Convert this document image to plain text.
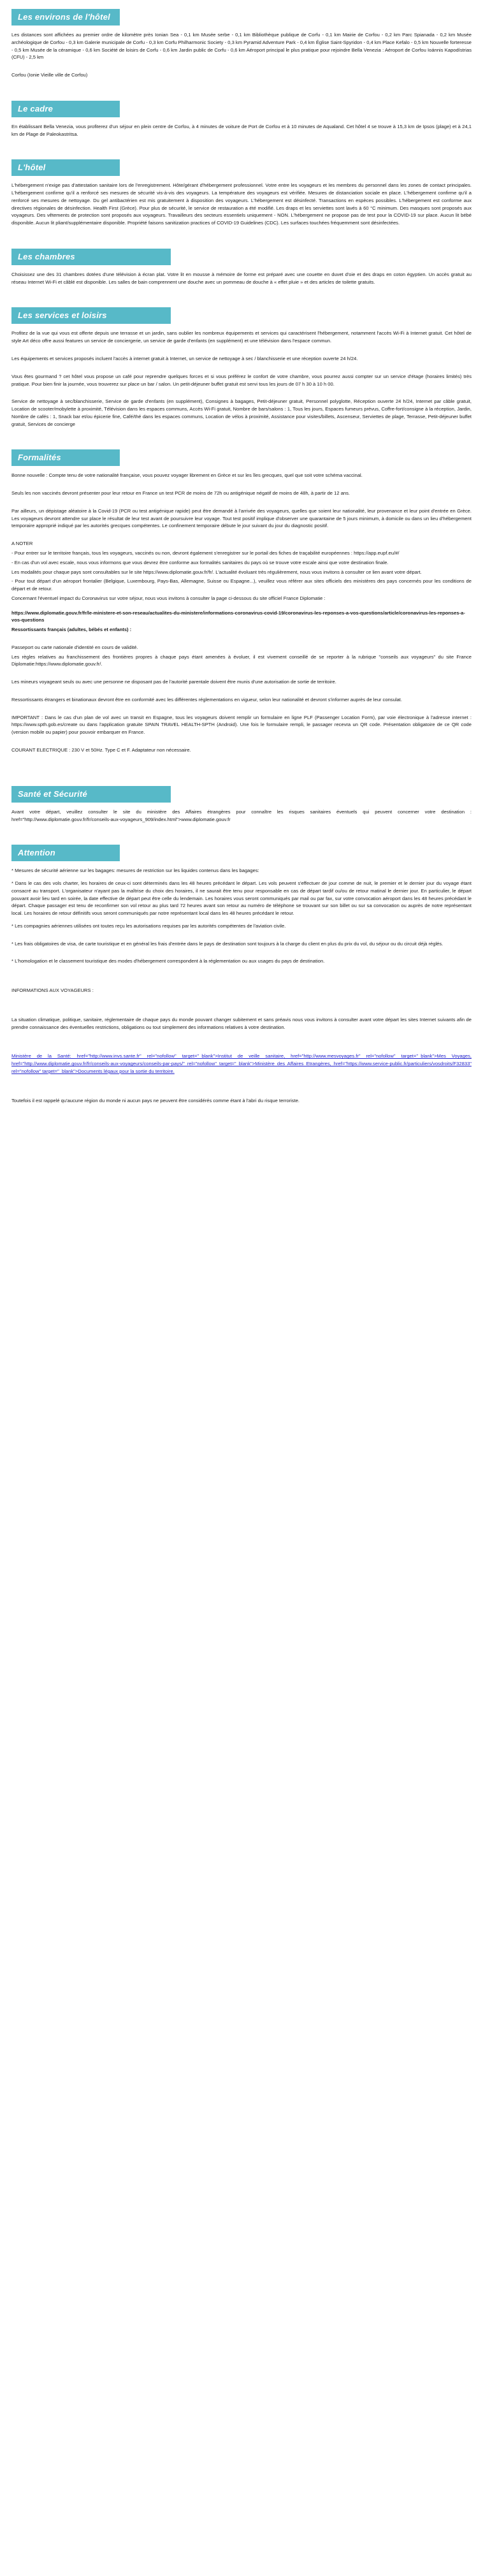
Les environs de l'hôtel

Les distances sont affichées au premier ordre de kilomètre près Ionian Sea - 0,1 km Musée serbe - 0,1 km Bibliothèque publique de Corfu - 0,1 km Mairie de Corfou - 0,2 km Parc Spianada - 0,2 km Musée archéologique de Corfou - 0,3 km Galerie municipale de Corfu - 0,3 km Corfu Philharmonic Society - 0,3 km Pyramid Adventure Park - 0,4 km Église Saint-Spyridon - 0,4 km Place Kefalo - 0,5 km Nouvelle forteresse - 0,5 km Musée de la céramique - 0,6 km Société de loisirs de Corfu - 0,6 km Jardin public de Corfu - 0,6 km Aéroport principal le plus pratique pour rejoindre Bella Venezia : Aéroport de Corfou Ioánnis Kapodístrias (CFU) - 2,5 km

Corfou (Ionie Vieille ville de Corfou)

Le cadre

En établissant Bella Venezia, vous profiterez d'un séjour en plein centre de Corfou, à 4 minutes de voiture de Port de Corfou et à 10 minutes de Aqualand. Cet hôtel 4 se trouve à 15,3 km de Ipsos (plage) et à 24,1 km de Plage de Paleokastritsa.

L'hôtel

L'hébergement n'exige pas d'attestation sanitaire lors de l'enregistrement. Hôte/gérant d'hébergement professionnel. Votre entre les voyageurs et les membres du personnel dans les zones de contact principales. L'hébergement confirme qu'il a renforcé ses mesures de sécurité vis-à-vis des voyageurs. La température des voyageurs est vérifiée. Mesures de distanciation sociale en place. L'hébergement confirme qu'il a renforcé ses mesures de nettoyage. Du gel antibactérien est mis gratuitement à disposition des voyageurs. L'hébergement est désinfecté. Transactions en espèces possibles. L'hébergement est conforme aux directives régionales de désinfection. Health First (Grèce). Pour plus de sécurité, le service de restauration a été modifié. Les draps et les serviettes sont lavés à 60 °C minimum. Des masques sont proposés aux voyageurs. Des vêtements de protection sont proposés aux voyageurs. Travailleurs des secteurs essentiels uniquement - NON. L'hébergement ne propose pas de test pour la COVID-19 sur place. Aucun lit bébé disponible. Aucun lit pliant/supplémentaire disponible. Propriété faisons sanitization practices of COVID-19 Guidelines (CDC). Les surfaces touchées fréquemment sont désinfectées.

Les chambres

Choisissez une des 31 chambres dotées d'une télévision à écran plat. Votre lit en mousse à mémoire de forme est préparé avec une couette en duvet d'oie et des draps en coton égyptien. Un accès gratuit au réseau Internet Wi-Fi et câblé est disponible. Les salles de bain comprennent une douche avec un pommeau de douche à « effet pluie » et des articles de toilette gratuits.

Les services et loisirs

Profitez de la vue qui vous est offerte depuis une terrasse et un jardin, sans oublier les nombreux équipements et services qui caractérisent l'hébergement, notamment l'accès Wi-Fi à Internet gratuit. Cet hôtel de style Art déco offre aussi features un service de conciergerie, un service de garde d'enfants (en supplément) et une télévision dans l'espace commun.

Les équipements et services proposés incluent l'accès à internet gratuit à Internet, un service de nettoyage à sec / blanchisserie et une réception ouverte 24 h/24.

Vous êtes gourmand ? cet hôtel vous propose un café pour reprendre quelques forces et si vous préférez le confort de votre chambre, vous pourrez aussi compter sur un service d'étage (horaires limités) très pratique. Pour bien finir la journée, vous trouverez sur place un bar / salon. Un petit-déjeuner buffet gratuit est servi tous les jours de 07 h 30 à 10 h 00.

Service de nettoyage à sec/blanchisserie, Service de garde d'enfants (en supplément), Consignes à bagages, Petit-déjeuner gratuit, Personnel polyglotte, Réception ouverte 24 h/24, Internet par câble gratuit, Location de scooter/mobylette à proximité, Télévision dans les espaces communs, Accès Wi-Fi gratuit, Nombre de bars/salons : 1, Tous les jours, Espaces fumeurs prévus, Coffre-fort/consigne à la réception, Jardin, Nombre de cafés : 1, Snack bar et/ou épicerie fine, Café/thé dans les espaces communs, Location de vélos à proximité, Assistance pour visites/billets, Ascenseur, Serviettes de plage, Terrasse, Petit-déjeuner buffet gratuit, Services de concierge

Formalités

Bonne nouvelle : Compte tenu de votre nationalité française, vous pouvez voyager librement en Grèce et sur les îles grecques, quel que soit votre schéma vaccinal.

Seuls les non vaccinés devront présenter pour leur retour en France un test PCR de moins de 72h ou antigénique négatif de moins de 48h, à partir de 12 ans.

Par ailleurs, un dépistage aléatoire à la Covid-19 (PCR ou test antigénique rapide) peut être demandé à l'arrivée des voyageurs, quelles que soient leur nationalité, leur provenance et leur point d'entrée en Grèce. Les voyageurs devront attendre sur place le résultat de leur test avant de poursuivre leur voyage. Tout test positif implique d'observer une quarantaine de 5 jours minimum, à domicile ou dans un lieu d'hébergement temporaire approprié indiqué par les autorités grecques compétentes. Le confinement temporaire débute le jour suivant du jour du diagnostic positif.

A NOTER

- Pour entrer sur le territoire français, tous les voyageurs, vaccinés ou non, devront également s'enregistrer sur le portail des fiches de traçabilité européennes : https://app.eupf.eu/#/

- En cas d'un vol avec escale, nous vous informons que vous devrez être conforme aux formalités sanitaires du pays où se trouve votre escale ainsi que votre destination finale.

Les modalités pour chaque pays sont consultables sur le site https://www.diplomatie.gouv.fr/fr/. L'actualité évoluant très régulièrement, nous vous invitons à consulter ce lien avant votre départ.

- Pour tout départ d'un aéroport frontalier (Belgique, Luxembourg, Pays-Bas, Allemagne, Suisse ou Espagne...), veuillez vous référer aux sites officiels des ministères des pays concernés pour les conditions de départ et de retour.

Concernant l'éventuel impact du Coronavirus sur votre séjour, nous vous invitons à consulter la page ci-dessous du site officiel France Diplomatie :

https://www.diplomatie.gouv.fr/fr/le-ministere-et-son-reseau/actualites-du-ministere/informations-coronavirus-covid-19/coronavirus-les-reponses-a-vos-questions/article/coronavirus-les-reponses-a-vos-questions

Ressortissants français (adultes, bébés et enfants) :

Passeport ou carte nationale d'identité en cours de validité.

Les règles relatives au franchissement des frontières propres à chaque pays étant amenées à évoluer, il est vivement conseillé de se reporter à la rubrique "conseils aux voyageurs" du site France Diplomatie:https://www.diplomatie.gouv.fr/.

Les mineurs voyageant seuls ou avec une personne ne disposant pas de l'autorité parentale doivent être munis d'une autorisation de sortie de territoire.

Ressortissants étrangers et binationaux devront être en conformité avec les différentes réglementations en vigueur, selon leur nationalité et devront s'informer auprès de leur consulat.

IMPORTANT : Dans le cas d'un plan de vol avec un transit en Espagne, tous les voyageurs doivent remplir un formulaire en ligne PLF (Passenger Location Form), par voie électronique à l'adresse internet : https://www.spth.gob.es/create ou dans l'application gratuite SPAIN TRAVEL HEALTH-SPTH (Android). Une fois le formulaire rempli, le passager recevra un QR code. Présentation obligatoire de ce QR code (version mobile ou papier) pour pouvoir embarquer en France.

COURANT ELECTRIQUE : 230 V et 50Hz. Type C et F. Adaptateur non nécessaire.

Santé et Sécurité

Avant votre départ, veuillez consulter le site du ministère des Affaires étrangères pour connaître les risques sanitaires éventuels qui peuvent concerner votre destination : href="http://www.diplomatie.gouv.fr/fr/conseils-aux-voyageurs_909/index.html">www.diplomatie.gouv.fr

Attention

* Mesures de sécurité aérienne sur les bagages: mesures de restriction sur les liquides contenus dans les bagages:

* Dans le cas des vols charter, les horaires de ceux-ci sont déterminés dans les 48 heures précédant le départ. Les vols peuvent s'effectuer de jour comme de nuit, le premier et le dernier jour du voyage étant consacré au transport. L'organisateur n'ayant pas la maîtrise du choix des horaires, il ne saurait être tenu pour responsable en cas de départ tardif ou/ou de retour matinal le dernier jour. En particulier, le départ pouvant avoir lieu tard en soirée, la date effective de départ peut être celle du lendemain. Les horaires vous seront communiqués par mail ou par fax, sur votre convocation aéroport dans les 48 heures précédant le départ. Chaque passager est tenu de reconfirmer son vol retour au plus tard 72 heures avant son retour au numéro de téléphone se trouvant sur son billet ou sur sa convocation ou auprès de notre représentant local. Les horaires de retour définitifs vous seront communiqués par notre représentant local dans les 48 heures précédant le retour.

* Les compagnies aériennes utilisées ont toutes reçu les autorisations requises par les autorités compétentes de l'aviation civile.

* Les frais obligatoires de visa, de carte touristique et en général les frais d'entrée dans le pays de destination sont toujours à la charge du client en plus du prix du vol, du séjour ou du circuit déjà réglés.

* L'homologation et le classement touristique des modes d'hébergement correspondent à la réglementation ou aux usages du pays de destination.

INFORMATIONS AUX VOYAGEURS :

La situation climatique, politique, sanitaire, réglementaire de chaque pays du monde pouvant changer subitement et sans préavis nous vous invitons à consulter avant votre départ les sites Internet suivants afin de prendre connaissance des éventuelles restrictions, obligations ou tout simplement des informations relatives à votre destination.

Ministère de la Santé: href="http://www.invs.sante.fr" rel="nofollow" target="_blank">Institut de veille sanitaire, href="http://www.mesvoyages.fr" rel="nofollow" target="_blank">Mes Voyages, href="http://www.diplomatie.gouv.fr/fr/conseils-aux-voyageurs/conseils-par-pays/" rel="nofollow" target="_blank">Ministère des Affaires Etrangères, href="https://www.service-public.fr/particuliers/vosdroits/F32833" rel="nofollow" target="_blank">Documents légaux pour la sortie du territoire.

Toutefois il est rappelé qu'aucune région du monde ni aucun pays ne peuvent être considérés comme étant à l'abri du risque terroriste.
